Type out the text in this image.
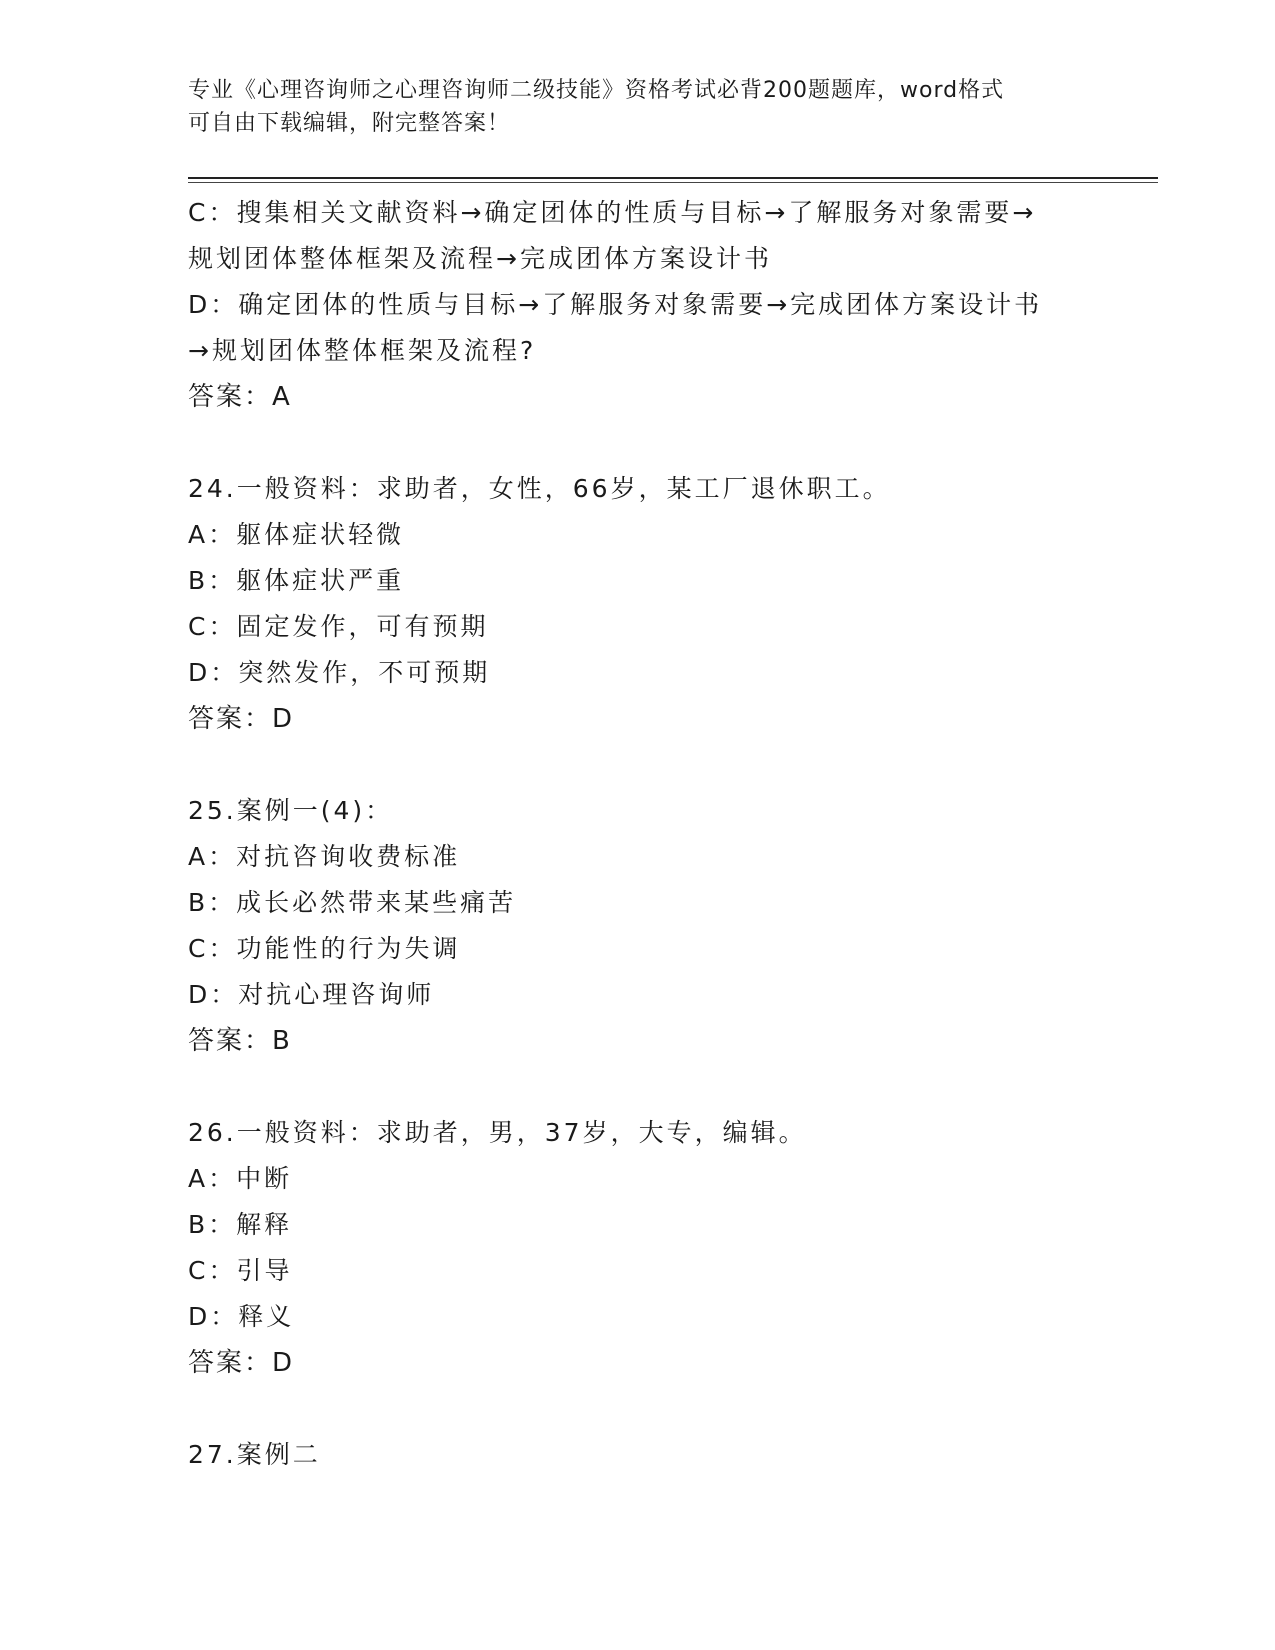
专业《心理咨询师之心理咨询师二级技能》资格考试必背200题题库，word格式
可自由下载编辑，附完整答案！
C：搜集相关文献资料→确定团体的性质与目标→了解服务对象需要→
规划团体整体框架及流程→完成团体方案设计书
D：确定团体的性质与目标→了解服务对象需要→完成团体方案设计书
→规划团体整体框架及流程?
答案：A
24.一般资料：求助者，女性，66岁，某工厂退休职工。
A：躯体症状轻微
B：躯体症状严重
C：固定发作，可有预期
D：突然发作，不可预期
答案：D
25.案例一(4)：
A：对抗咨询收费标准
B：成长必然带来某些痛苦
C：功能性的行为失调
D：对抗心理咨询师
答案：B
26.一般资料：求助者，男，37岁，大专，编辑。
A：中断
B：解释
C：引导
D：释义
答案：D
27.案例二
